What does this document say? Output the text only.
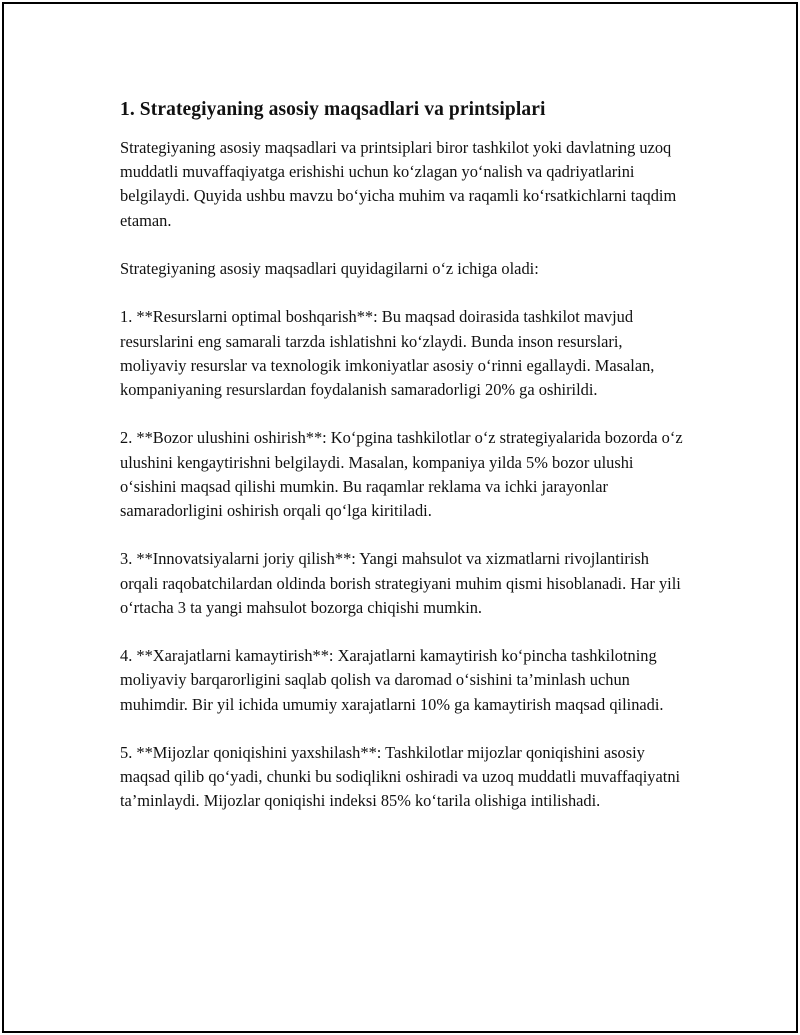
1. Strategiyaning asosiy maqsadlari va printsiplari

Strategiyaning asosiy maqsadlari va printsiplari biror tashkilot yoki davlatning uzoq muddatli muvaffaqiyatga erishishi uchun ko‘zlagan yo‘nalish va qadriyatlarini belgilaydi. Quyida ushbu mavzu bo‘yicha muhim va raqamli ko‘rsatkichlarni taqdim etaman.

Strategiyaning asosiy maqsadlari quyidagilarni o‘z ichiga oladi:

1. **Resurslarni optimal boshqarish**: Bu maqsad doirasida tashkilot mavjud resurslarini eng samarali tarzda ishlatishni ko‘zlaydi. Bunda inson resurslari, moliyaviy resurslar va texnologik imkoniyatlar asosiy o‘rinni egallaydi. Masalan, kompaniyaning resurslardan foydalanish samaradorligi 20% ga oshirildi.

2. **Bozor ulushini oshirish**: Ko‘pgina tashkilotlar o‘z strategiyalarida bozorda o‘z ulushini kengaytirishni belgilaydi. Masalan, kompaniya yilda 5% bozor ulushi o‘sishini maqsad qilishi mumkin. Bu raqamlar reklama va ichki jarayonlar samaradorligini oshirish orqali qo‘lga kiritiladi.

3. **Innovatsiyalarni joriy qilish**: Yangi mahsulot va xizmatlarni rivojlantirish orqali raqobatchilardan oldinda borish strategiyani muhim qismi hisoblanadi. Har yili o‘rtacha 3 ta yangi mahsulot bozorga chiqishi mumkin.

4. **Xarajatlarni kamaytirish**: Xarajatlarni kamaytirish ko‘pincha tashkilotning moliyaviy barqarorligini saqlab qolish va daromad o‘sishini ta’minlash uchun muhimdir. Bir yil ichida umumiy xarajatlarni 10% ga kamaytirish maqsad qilinadi.

5. **Mijozlar qoniqishini yaxshilash**: Tashkilotlar mijozlar qoniqishini asosiy maqsad qilib qo‘yadi, chunki bu sodiqlikni oshiradi va uzoq muddatli muvaffaqiyatni ta’minlaydi. Mijozlar qoniqishi indeksi 85% ko‘tarila olishiga intilishadi.
